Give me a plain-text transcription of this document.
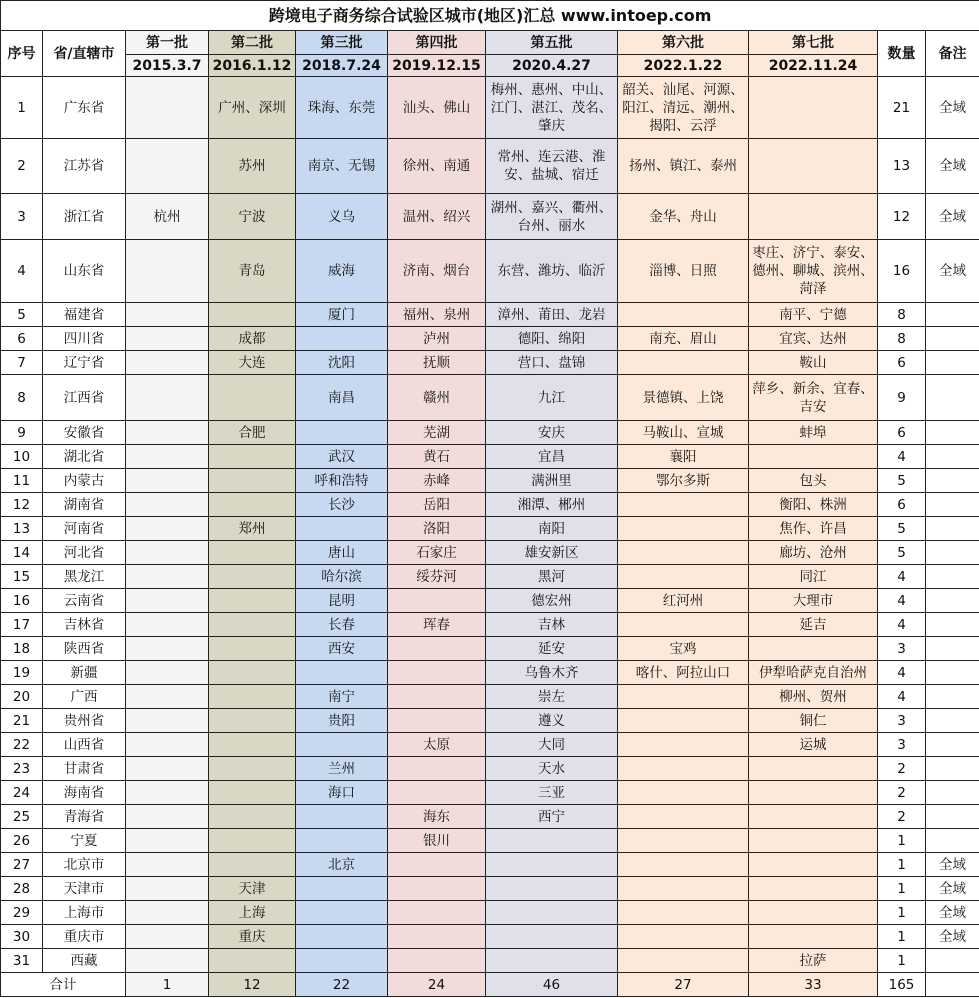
跨境电子商务综合试验区城市(地区)汇总 www.intoep.com										
序号	省/直辖市	第一批	第二批	第三批	第四批	第五批	第六批	第七批	数量	备注
		2015.3.7	2016.1.12	2018.7.24	2019.12.15	2020.4.27	2022.1.22	2022.11.24		
1	广东省		广州、深圳	珠海、东莞	汕头、佛山	梅州、惠州、中山、江门、湛江、茂名、肇庆	韶关、汕尾、河源、阳江、清远、潮州、揭阳、云浮		21	全域
2	江苏省		苏州	南京、无锡	徐州、南通	常州、连云港、淮安、盐城、宿迁	扬州、镇江、泰州		13	全域
3	浙江省	杭州	宁波	义乌	温州、绍兴	湖州、嘉兴、衢州、台州、丽水	金华、舟山		12	全域
4	山东省		青岛	威海	济南、烟台	东营、潍坊、临沂	淄博、日照	枣庄、济宁、泰安、德州、聊城、滨州、菏泽	16	全域
5	福建省			厦门	福州、泉州	漳州、莆田、龙岩		南平、宁德	8	
6	四川省		成都		泸州	德阳、绵阳	南充、眉山	宜宾、达州	8	
7	辽宁省		大连	沈阳	抚顺	营口、盘锦		鞍山	6	
8	江西省			南昌	赣州	九江	景德镇、上饶	萍乡、新余、宜春、吉安	9	
9	安徽省		合肥		芜湖	安庆	马鞍山、宣城	蚌埠	6	
10	湖北省			武汉	黄石	宜昌	襄阳		4	
11	内蒙古			呼和浩特	赤峰	满洲里	鄂尔多斯	包头	5	
12	湖南省			长沙	岳阳	湘潭、郴州		衡阳、株洲	6	
13	河南省		郑州		洛阳	南阳		焦作、许昌	5	
14	河北省			唐山	石家庄	雄安新区		廊坊、沧州	5	
15	黑龙江			哈尔滨	绥芬河	黑河		同江	4	
16	云南省			昆明		德宏州	红河州	大理市	4	
17	吉林省			长春	珲春	吉林		延吉	4	
18	陕西省			西安		延安	宝鸡		3	
19	新疆					乌鲁木齐	喀什、阿拉山口	伊犁哈萨克自治州	4	
20	广西			南宁		崇左		柳州、贺州	4	
21	贵州省			贵阳		遵义		铜仁	3	
22	山西省				太原	大同		运城	3	
23	甘肃省			兰州		天水			2	
24	海南省			海口		三亚			2	
25	青海省				海东	西宁			2	
26	宁夏				银川				1	
27	北京市			北京					1	全域
28	天津市		天津						1	全域
29	上海市		上海						1	全域
30	重庆市		重庆						1	全域
31	西藏							拉萨	1	
合计		1	12	22	24	46	27	33	165	
